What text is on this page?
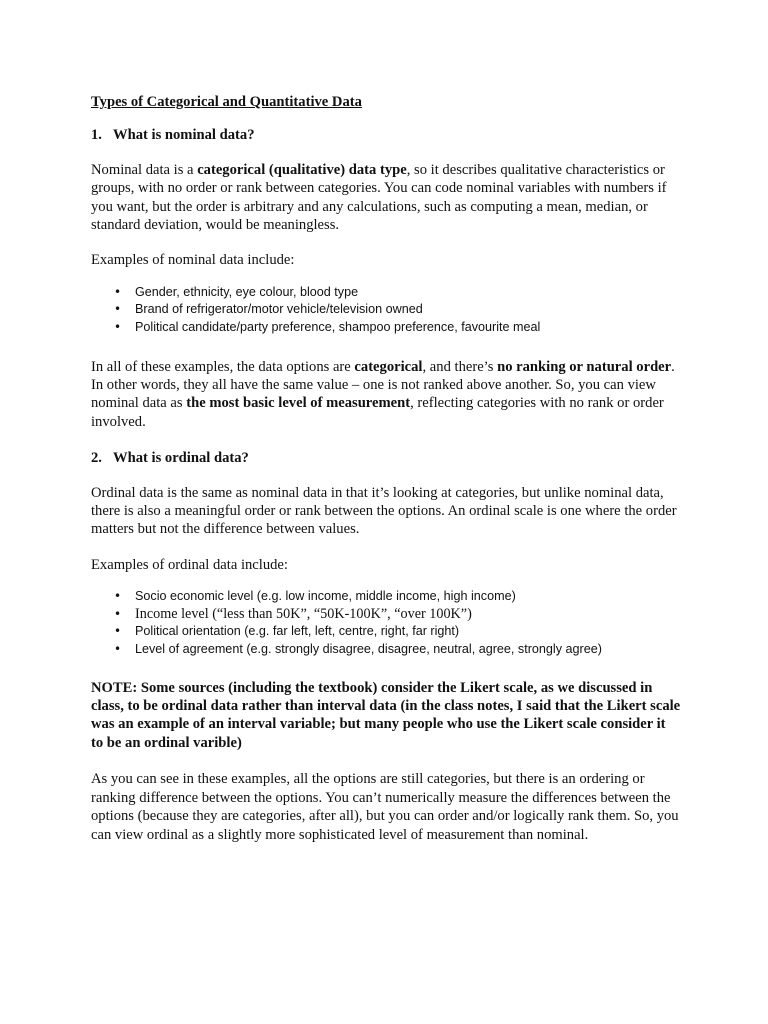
Types of Categorical and Quantitative Data
1. What is nominal data?

Nominal data is a categorical (qualitative) data type, so it describes qualitative characteristics or groups, with no order or rank between categories. You can code nominal variables with numbers if you want, but the order is arbitrary and any calculations, such as computing a mean, median, or standard deviation, would be meaningless.

Examples of nominal data include:

• Gender, ethnicity, eye colour, blood type
• Brand of refrigerator/motor vehicle/television owned
• Political candidate/party preference, shampoo preference, favourite meal

In all of these examples, the data options are categorical, and there’s no ranking or natural order. In other words, they all have the same value – one is not ranked above another. So, you can view nominal data as the most basic level of measurement, reflecting categories with no rank or order involved.

2. What is ordinal data?

Ordinal data is the same as nominal data in that it’s looking at categories, but unlike nominal data, there is also a meaningful order or rank between the options. An ordinal scale is one where the order matters but not the difference between values.

Examples of ordinal data include:

• Socio economic level (e.g. low income, middle income, high income)
• Income level (“less than 50K”, “50K-100K”, “over 100K”)
• Political orientation (e.g. far left, left, centre, right, far right)
• Level of agreement (e.g. strongly disagree, disagree, neutral, agree, strongly agree)

NOTE: Some sources (including the textbook) consider the Likert scale, as we discussed in class, to be ordinal data rather than interval data (in the class notes, I said that the Likert scale was an example of an interval variable; but many people who use the Likert scale consider it to be an ordinal varible)

As you can see in these examples, all the options are still categories, but there is an ordering or ranking difference between the options. You can’t numerically measure the differences between the options (because they are categories, after all), but you can order and/or logically rank them. So, you can view ordinal as a slightly more sophisticated level of measurement than nominal.
